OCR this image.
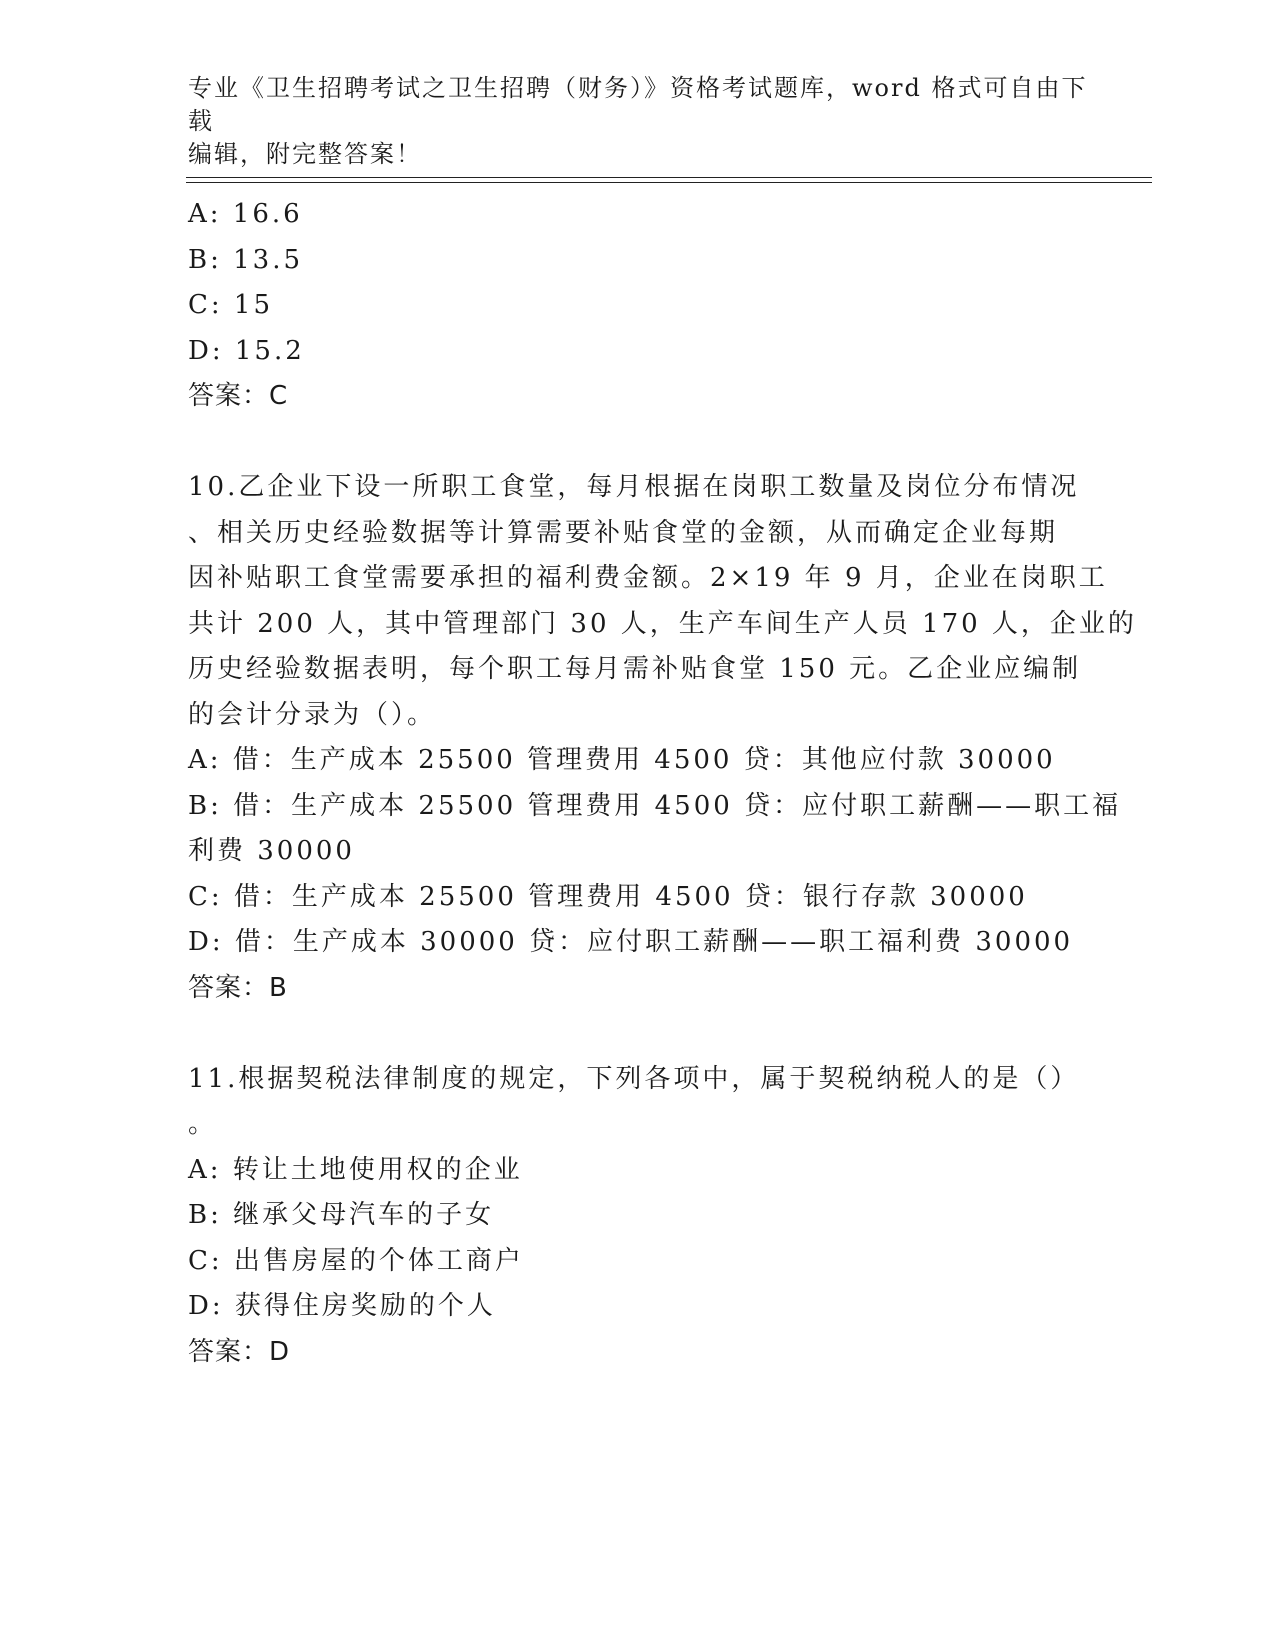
专业《卫生招聘考试之卫生招聘（财务）》资格考试题库，word 格式可自由下载
编辑，附完整答案！
A: 16.6
B: 13.5
C: 15
D: 15.2
答案：C
10.乙企业下设一所职工食堂，每月根据在岗职工数量及岗位分布情况
、相关历史经验数据等计算需要补贴食堂的金额，从而确定企业每期
因补贴职工食堂需要承担的福利费金额。2×19 年 9 月，企业在岗职工
共计 200 人，其中管理部门 30 人，生产车间生产人员 170 人，企业的
历史经验数据表明，每个职工每月需补贴食堂 150 元。乙企业应编制
的会计分录为（）。
A: 借：生产成本 25500 管理费用 4500 贷：其他应付款 30000
B: 借：生产成本 25500 管理费用 4500 贷：应付职工薪酬——职工福
利费 30000
C: 借：生产成本 25500 管理费用 4500 贷：银行存款 30000
D: 借：生产成本 30000 贷：应付职工薪酬——职工福利费 30000
答案：B
11.根据契税法律制度的规定，下列各项中，属于契税纳税人的是（）
。
A: 转让土地使用权的企业
B: 继承父母汽车的子女
C: 出售房屋的个体工商户
D: 获得住房奖励的个人
答案：D
